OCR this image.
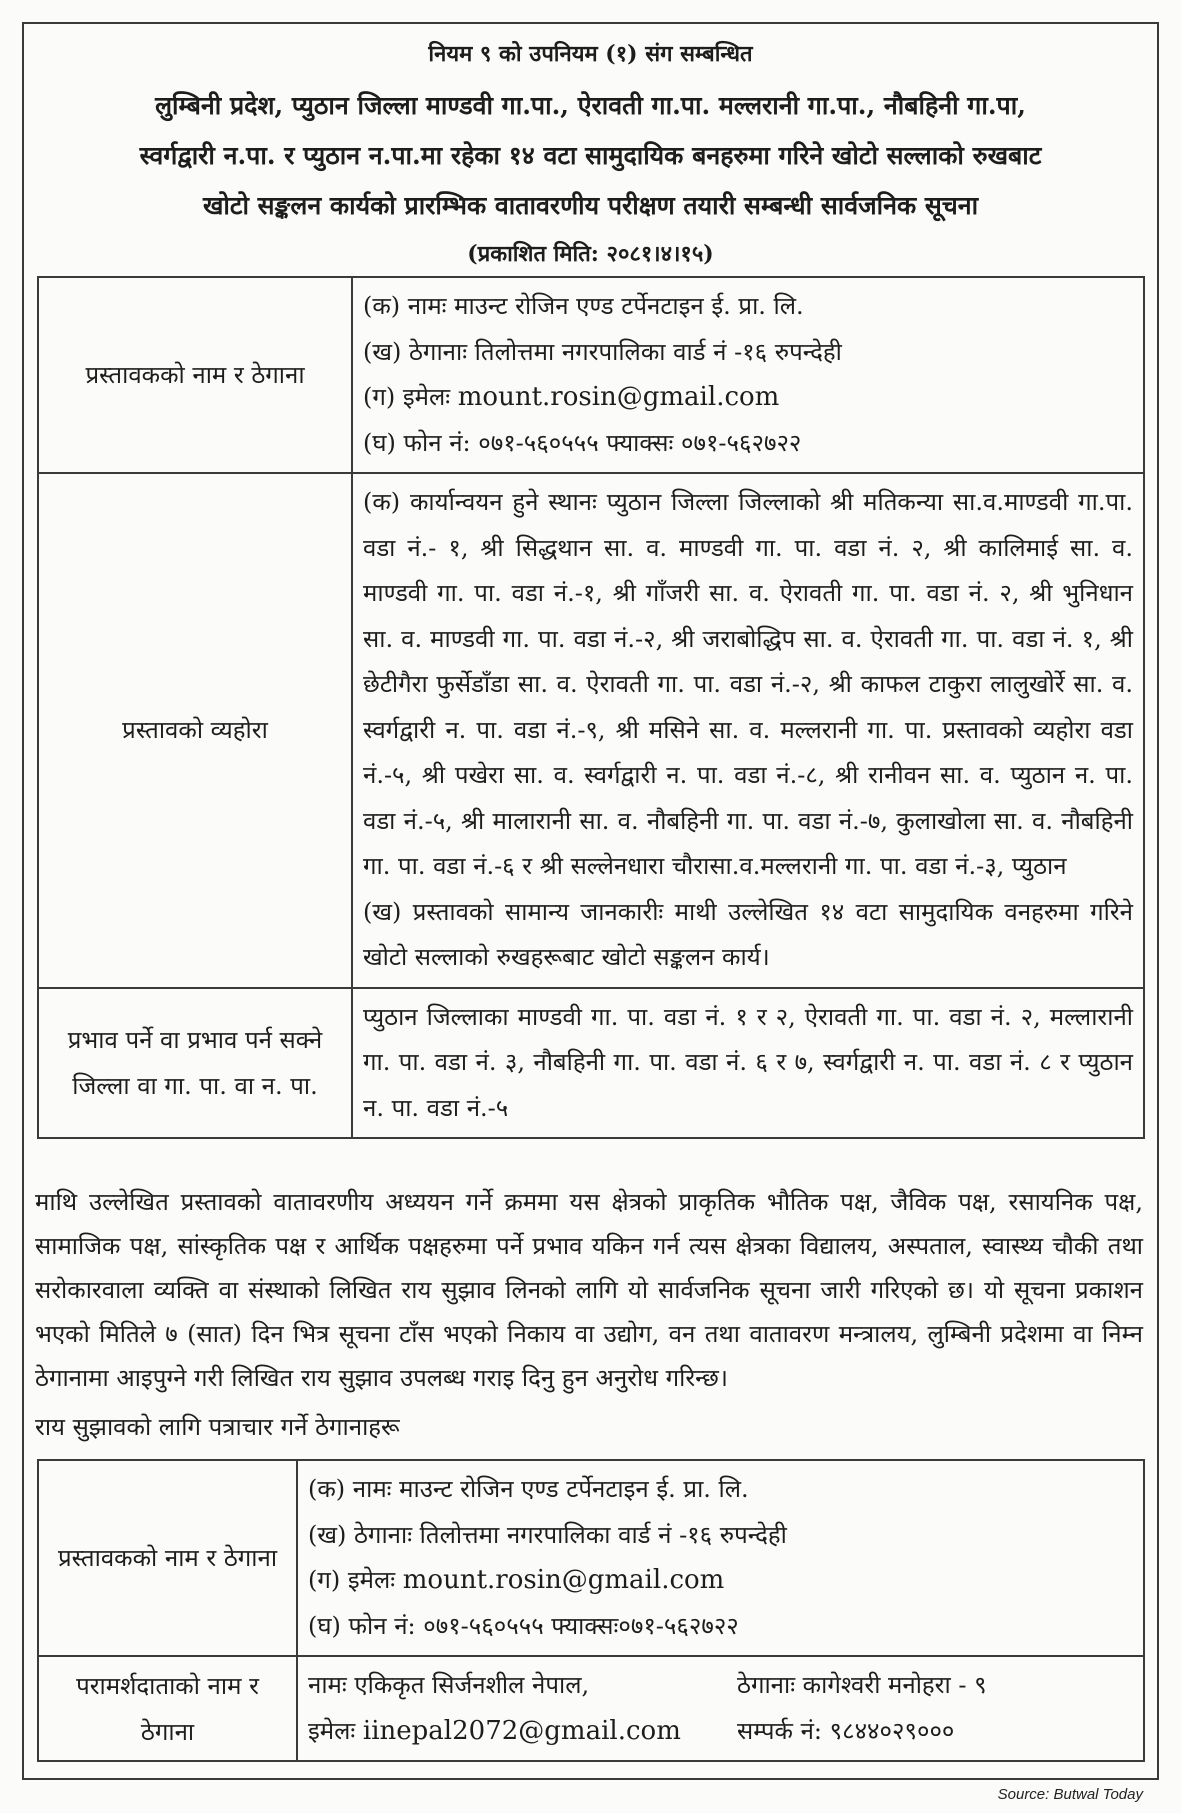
नियम ९ को उपनियम (१) संग सम्बन्धित
लुम्बिनी प्रदेश, प्युठान जिल्ला माण्डवी गा.पा., ऐरावती गा.पा. मल्लरानी गा.पा., नौबहिनी गा.पा,
स्वर्गद्वारी न.पा. र प्युठान न.पा.मा रहेका १४ वटा सामुदायिक बनहरुमा गरिने खोटो सल्लाको रुखबाट
खोटो सङ्कलन कार्यको प्रारम्भिक वातावरणीय परीक्षण तयारी सम्बन्धी सार्वजनिक सूचना
(प्रकाशित मिति: २०८१।४।१५)
प्रस्तावकको नाम र ठेगाना	(क) नामः माउन्ट रोजिन एण्ड टर्पेनटाइन ई. प्रा. लि.
(ख) ठेगानाः तिलोत्तमा नगरपालिका वार्ड नं -१६ रुपन्देही
(ग) इमेलः mount.rosin@gmail.com
(घ) फोन नं: ०७१-५६०५५५ फ्याक्सः ०७१-५६२७२२

प्रस्तावको व्यहोरा	(क) कार्यान्वयन हुने स्थानः प्युठान जिल्ला जिल्लाको श्री मतिकन्या सा.व.माण्डवी गा.पा. वडा नं.- १, श्री सिद्धथान सा. व. माण्डवी गा. पा. वडा नं. २, श्री कालिमाई सा. व. माण्डवी गा. पा. वडा नं.-१, श्री गाँजरी सा. व. ऐरावती गा. पा. वडा नं. २, श्री भुनिधान सा. व. माण्डवी गा. पा. वडा नं.-२, श्री जराबोद्धिप सा. व. ऐरावती गा. पा. वडा नं. १, श्री छेटीगैरा फुर्सेडाँडा सा. व. ऐरावती गा. पा. वडा नं.-२, श्री काफल टाकुरा लालुखोर्रे सा. व. स्वर्गद्वारी न. पा. वडा नं.-९, श्री मसिने सा. व. मल्लरानी गा. पा. प्रस्तावको व्यहोरा वडा नं.-५, श्री पखेरा सा. व. स्वर्गद्वारी न. पा. वडा नं.-८, श्री रानीवन सा. व. प्युठान न. पा. वडा नं.-५, श्री मालारानी सा. व. नौबहिनी गा. पा. वडा नं.-७, कुलाखोला सा. व. नौबहिनी गा. पा. वडा नं.-६ र श्री सल्लेनधारा चौरासा.व.मल्लरानी गा. पा. वडा नं.-३, प्युठान
(ख) प्रस्तावको सामान्य जानकारीः माथी उल्लेखित १४ वटा सामुदायिक वनहरुमा गरिने खोटो सल्लाको रुखहरूबाट खोटो सङ्कलन कार्य।

प्रभाव पर्ने वा प्रभाव पर्न सक्ने जिल्ला वा गा. पा. वा न. पा.	प्युठान जिल्लाका माण्डवी गा. पा. वडा नं. १ र २, ऐरावती गा. पा. वडा नं. २, मल्लारानी गा. पा. वडा नं. ३, नौबहिनी गा. पा. वडा नं. ६ र ७, स्वर्गद्वारी न. पा. वडा नं. ८ र प्युठान न. पा. वडा नं.-५
माथि उल्लेखित प्रस्तावको वातावरणीय अध्ययन गर्ने क्रममा यस क्षेत्रको प्राकृतिक भौतिक पक्ष, जैविक पक्ष, रसायनिक पक्ष, सामाजिक पक्ष, सांस्कृतिक पक्ष र आर्थिक पक्षहरुमा पर्ने प्रभाव यकिन गर्न त्यस क्षेत्रका विद्यालय, अस्पताल, स्वास्थ्य चौकी तथा सरोकारवाला व्यक्ति वा संस्थाको लिखित राय सुझाव लिनको लागि यो सार्वजनिक सूचना जारी गरिएको छ। यो सूचना प्रकाशन भएको मितिले ७ (सात) दिन भित्र सूचना टाँस भएको निकाय वा उद्योग, वन तथा वातावरण मन्त्रालय, लुम्बिनी प्रदेशमा वा निम्न ठेगानामा आइपुग्ने गरी लिखित राय सुझाव उपलब्ध गराइ दिनु हुन अनुरोध गरिन्छ।
राय सुझावको लागि पत्राचार गर्ने ठेगानाहरू
प्रस्तावकको नाम र ठेगाना	(क) नामः माउन्ट रोजिन एण्ड टर्पेनटाइन ई. प्रा. लि.
(ख) ठेगानाः तिलोत्तमा नगरपालिका वार्ड नं -१६ रुपन्देही
(ग) इमेलः mount.rosin@gmail.com
(घ) फोन नं: ०७१-५६०५५५ फ्याक्सः०७१-५६२७२२

परामर्शदाताको नाम र ठेगाना	नामः एकिकृत सिर्जनशील नेपाल, ठेगानाः कागेश्वरी मनोहरा - ९
इमेलः iinepal2072@gmail.com सम्पर्क नं: ९८४४०२९०००
Source: Butwal Today
